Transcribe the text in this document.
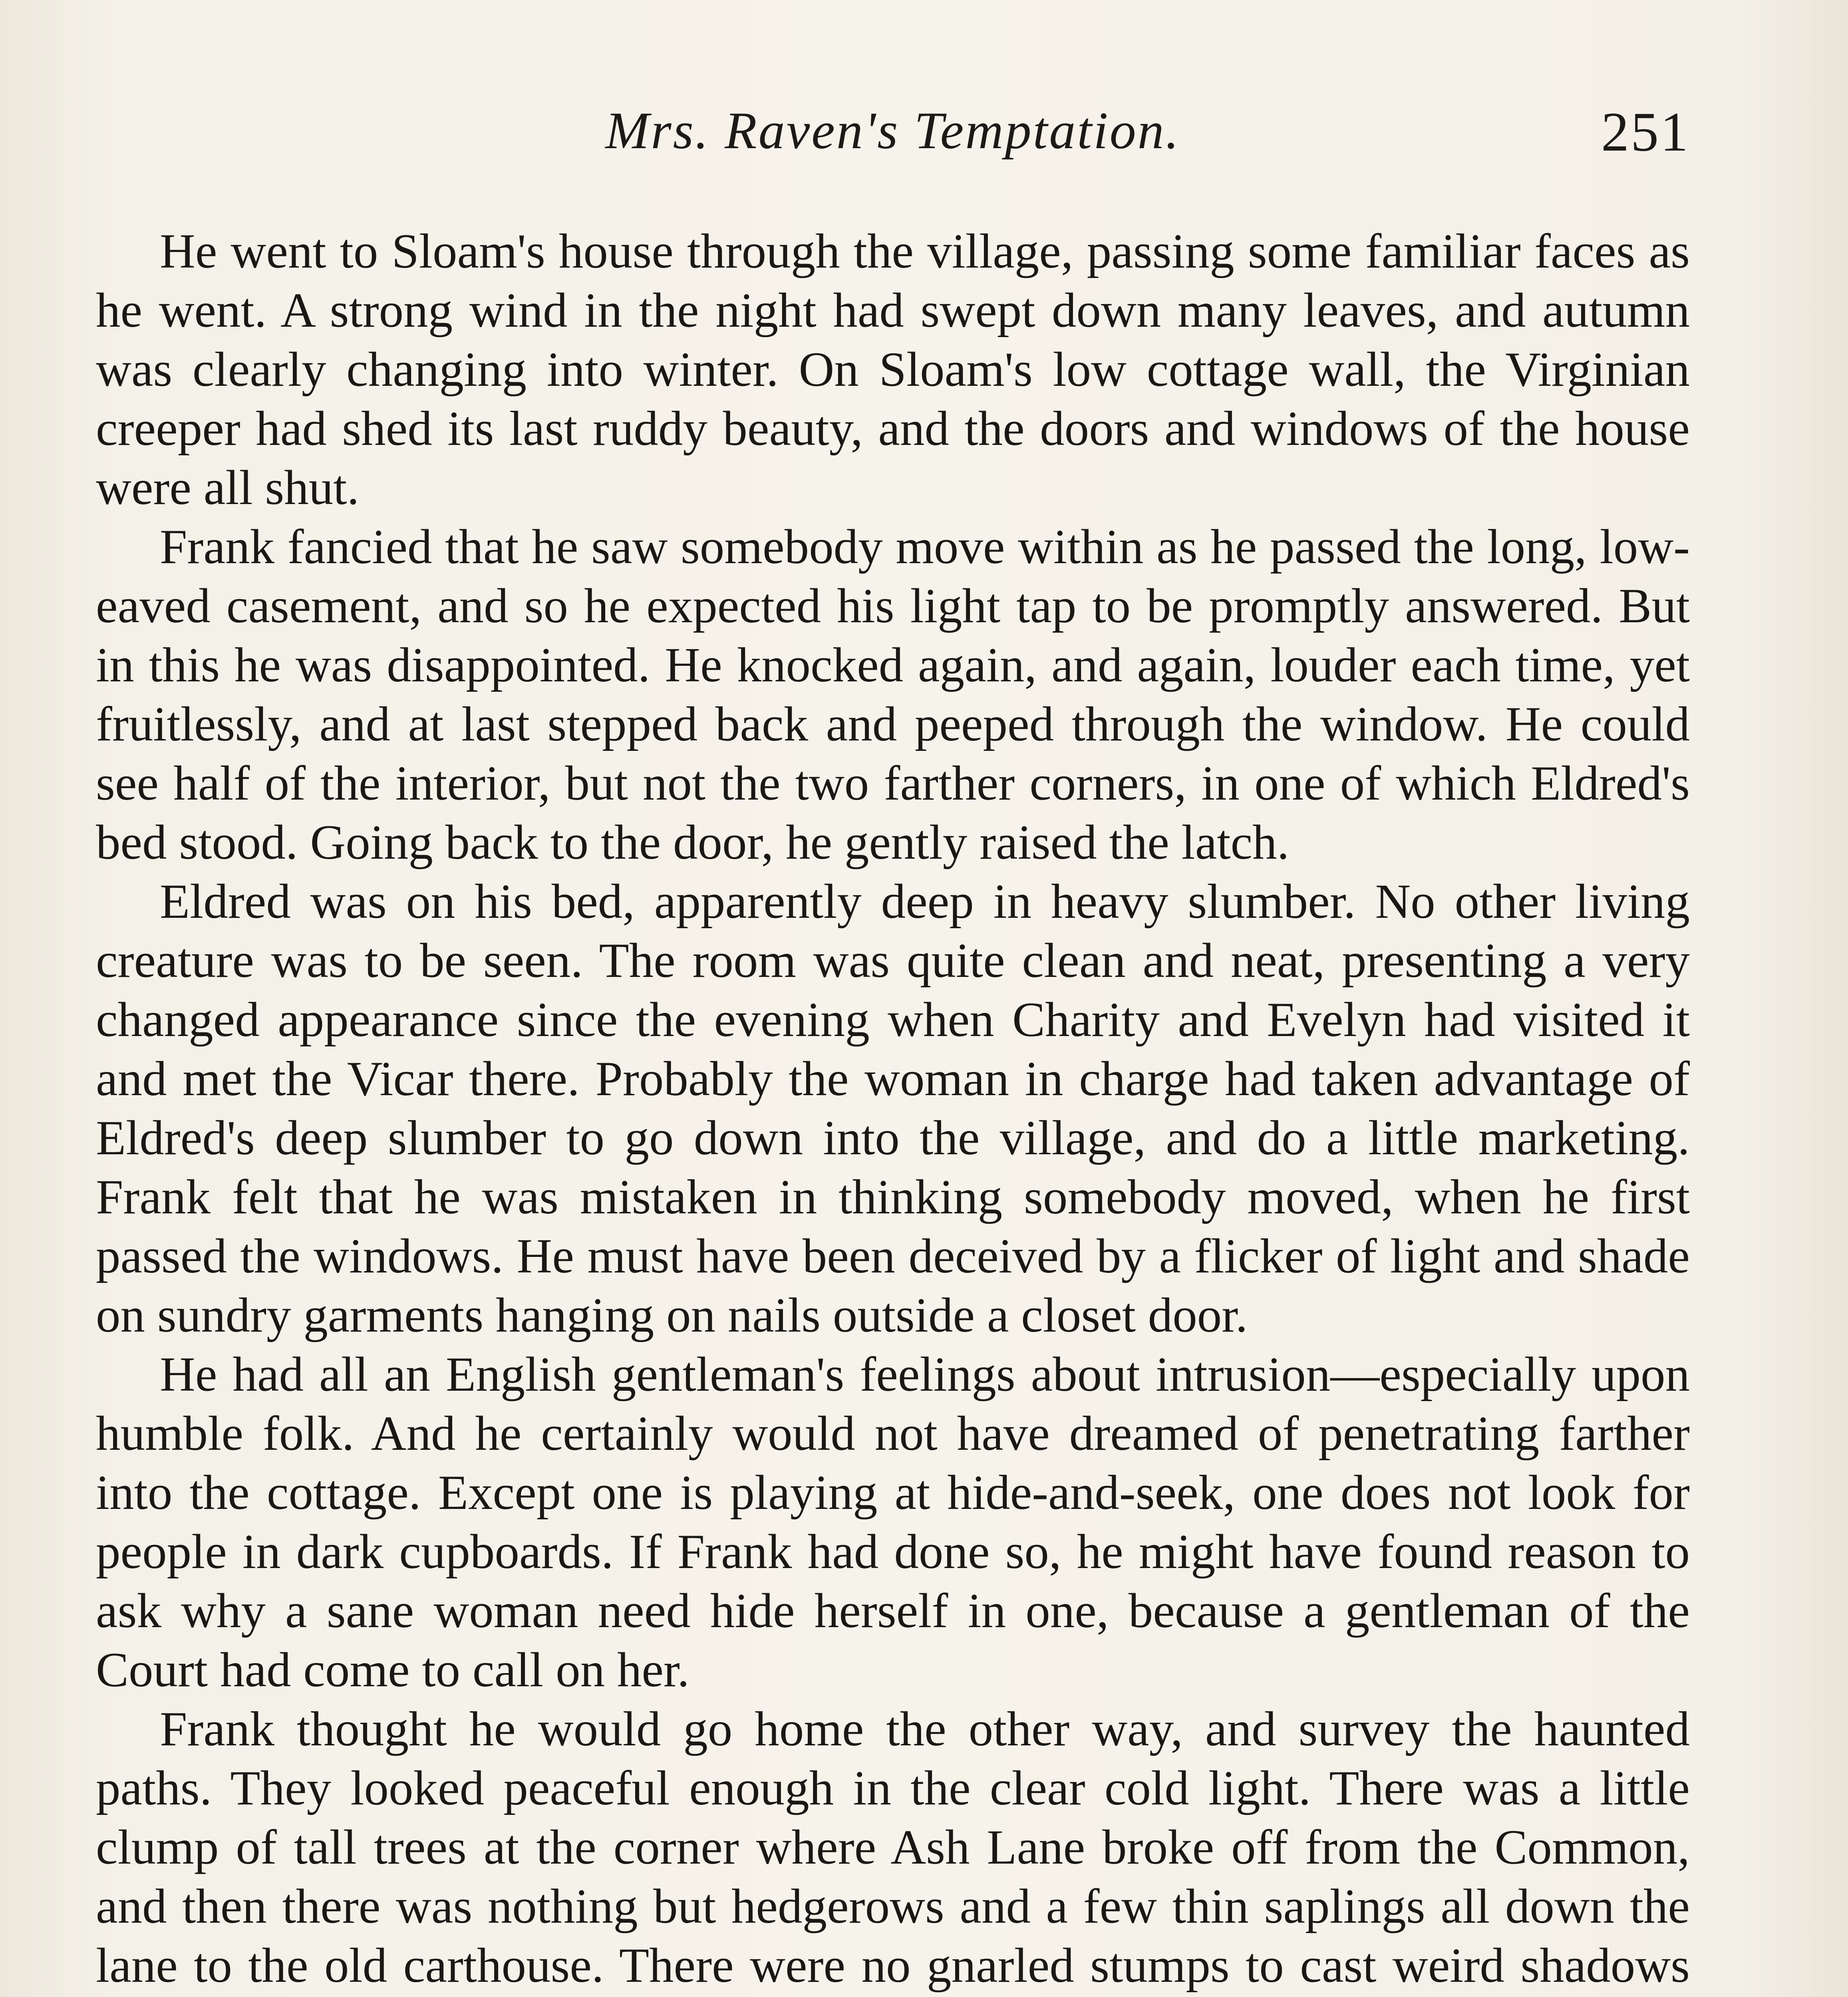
Mrs. Raven's Temptation.	251

He went to Sloam's house through the village, passing some familiar faces as he went. A strong wind in the night had swept down many leaves, and autumn was clearly changing into winter. On Sloam's low cottage wall, the Virginian creeper had shed its last ruddy beauty, and the doors and windows of the house were all shut.

Frank fancied that he saw somebody move within as he passed the long, low-eaved casement, and so he expected his light tap to be promptly answered. But in this he was disappointed. He knocked again, and again, louder each time, yet fruitlessly, and at last stepped back and peeped through the window. He could see half of the interior, but not the two farther corners, in one of which Eldred's bed stood. Going back to the door, he gently raised the latch.

Eldred was on his bed, apparently deep in heavy slumber. No other living creature was to be seen. The room was quite clean and neat, presenting a very changed appearance since the evening when Charity and Evelyn had visited it and met the Vicar there. Probably the woman in charge had taken advantage of Eldred's deep slumber to go down into the village, and do a little marketing. Frank felt that he was mistaken in thinking somebody moved, when he first passed the windows. He must have been deceived by a flicker of light and shade on sundry garments hanging on nails outside a closet door.

He had all an English gentleman's feelings about intrusion—especially upon humble folk. And he certainly would not have dreamed of penetrating farther into the cottage. Except one is playing at hide-and-seek, one does not look for people in dark cupboards. If Frank had done so, he might have found reason to ask why a sane woman need hide herself in one, because a gentleman of the Court had come to call on her.

Frank thought he would go home the other way, and survey the haunted paths. They looked peaceful enough in the clear cold light. There was a little clump of tall trees at the corner where Ash Lane broke off from the Common, and then there was nothing but hedgerows and a few thin saplings all down the lane to the old carthouse. There were no gnarled stumps to cast weird shadows
